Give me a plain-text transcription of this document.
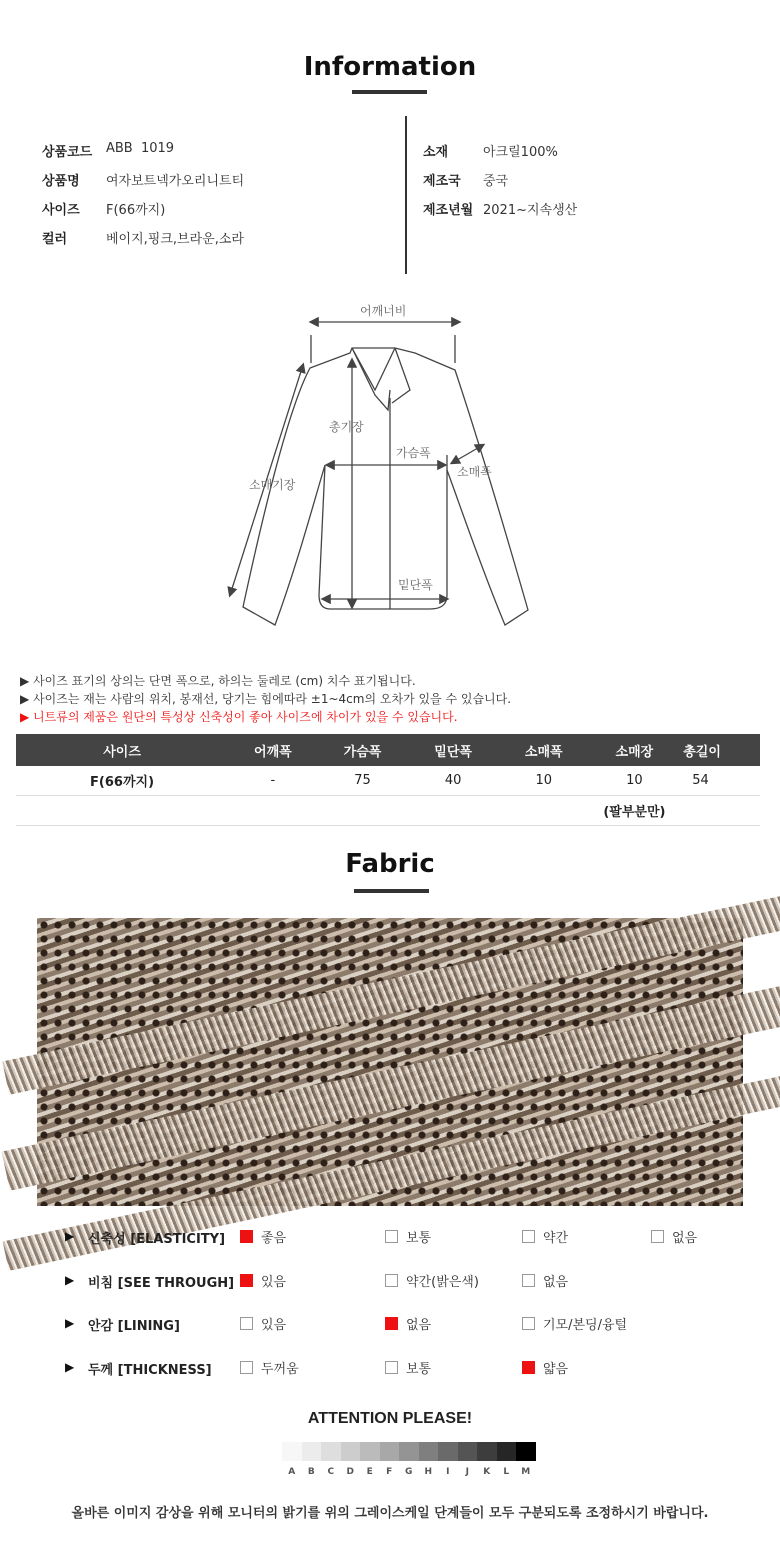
Information
상품코드 ABB  1019
상품명 여자보트넥가오리니트티
사이즈 F(66까지)
컬러	베이지,핑크,브라운,소라
소재	아크릴100%
제조국 중국
제조년월 2021~지속생산
어깨너비
총기장
가슴폭
소매폭
소매기장
밑단폭
▶ 사이즈 표기의 상의는 단면 폭으로, 하의는 둘레로 (cm) 치수 표기됩니다.
▶ 사이즈는 재는 사람의 위치, 봉재선, 당기는 힘에따라 ±1~4cm의 오차가 있을 수 있습니다.
▶ 니트류의 제품은 원단의 특성상 신축성이 좋아 사이즈에 차이가 있을 수 있습니다.
사이즈	어깨폭	가슴폭	밑단폭	소매폭	소매장	총길이
F(66까지)	-	75	40	10	10	54
					(팔부분만)	
Fabric
▶ 신축성 [ELASTICITY]	좋음	보통	약간	없음
▶ 비침 [SEE THROUGH]	있음	약간(밝은색)	없음
▶ 안감 [LINING]	있음	없음	기모/본딩/융털
▶ 두께 [THICKNESS]	두꺼움	보통	얇음
ATTENTION PLEASE!
A	B	C	D	E	F	G	H	I	J	K	L	M
올바른 이미지 감상을 위해 모니터의 밝기를 위의 그레이스케일 단계들이 모두 구분되도록 조정하시기 바랍니다.
